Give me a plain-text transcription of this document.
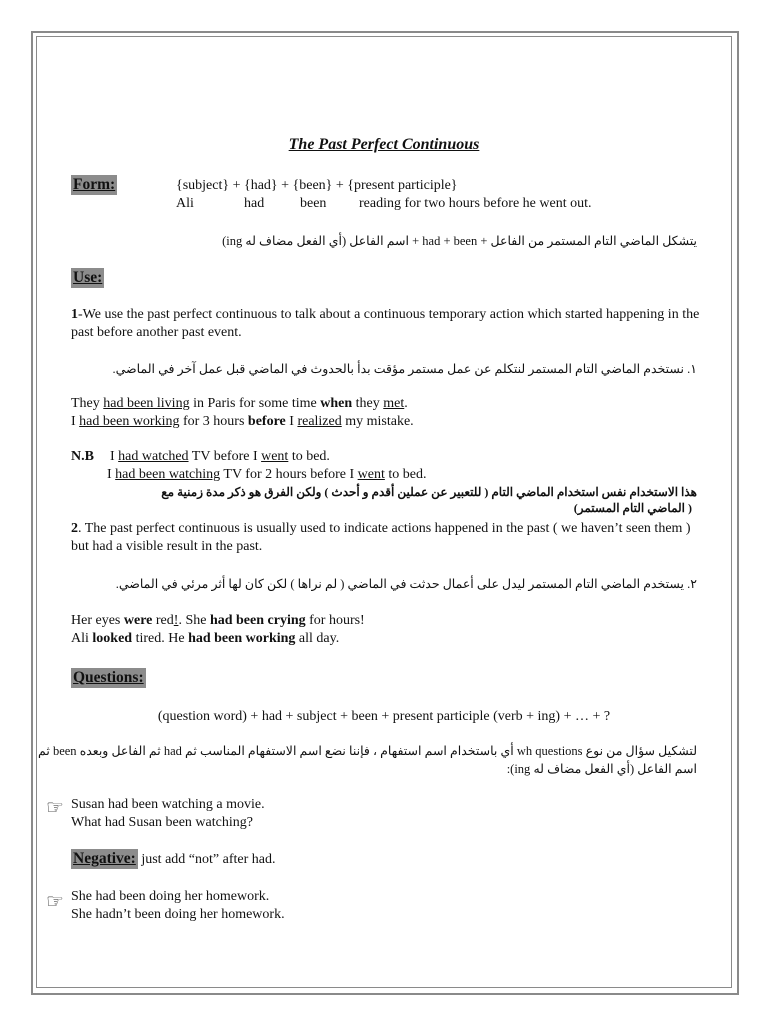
The Past Perfect Continuous
Form:	{subject} + {had} + {been} + {present participle}
Ali	had	been reading for two hours before he went out.
يتشكل الماضي التام المستمر من الفاعل + had + been + اسم الفاعل (أي الفعل مضاف له ing)
Use:
1-We use the past perfect continuous to talk about a continuous temporary action which started happening in the past before another past event.
١. نستخدم الماضي التام المستمر لنتكلم عن عمل مستمر مؤقت بدأ بالحدوث في الماضي قبل عمل آخر في الماضي.
They had been living in Paris for some time when they met.
I had been working for 3 hours before I realized my mistake.
N.B I had watched TV before I went to bed.
I had been watching TV for 2 hours before I went to bed.
هذا الاستخدام نفس استخدام الماضي التام ( للتعبير عن عملين أقدم و أحدث ) ولكن الفرق هو ذكر مدة زمنية مع
( الماضي التام المستمر)
2. The past perfect continuous is usually used to indicate actions happened in the past ( we haven’t seen them ) but had a visible result in the past.
٢. يستخدم الماضي التام المستمر ليدل على أعمال حدثت في الماضي ( لم نراها ) لكن كان لها أثر مرئي في الماضي.
Her eyes were red!. She had been crying for hours!
Ali looked tired. He had been working all day.
Questions:
(question word) + had + subject + been + present participle (verb + ing) + … + ?
لتشكيل سؤال من نوع wh questions أي باستخدام اسم استفهام ، فإننا نضع اسم الاستفهام المناسب ثم had ثم الفاعل وبعده been ثم
اسم الفاعل (أي الفعل مضاف له ing):
☞ Susan had been watching a movie.
What had Susan been watching?
Negative: just add “not” after had.
☞ She had been doing her homework.
She hadn’t been doing her homework.
